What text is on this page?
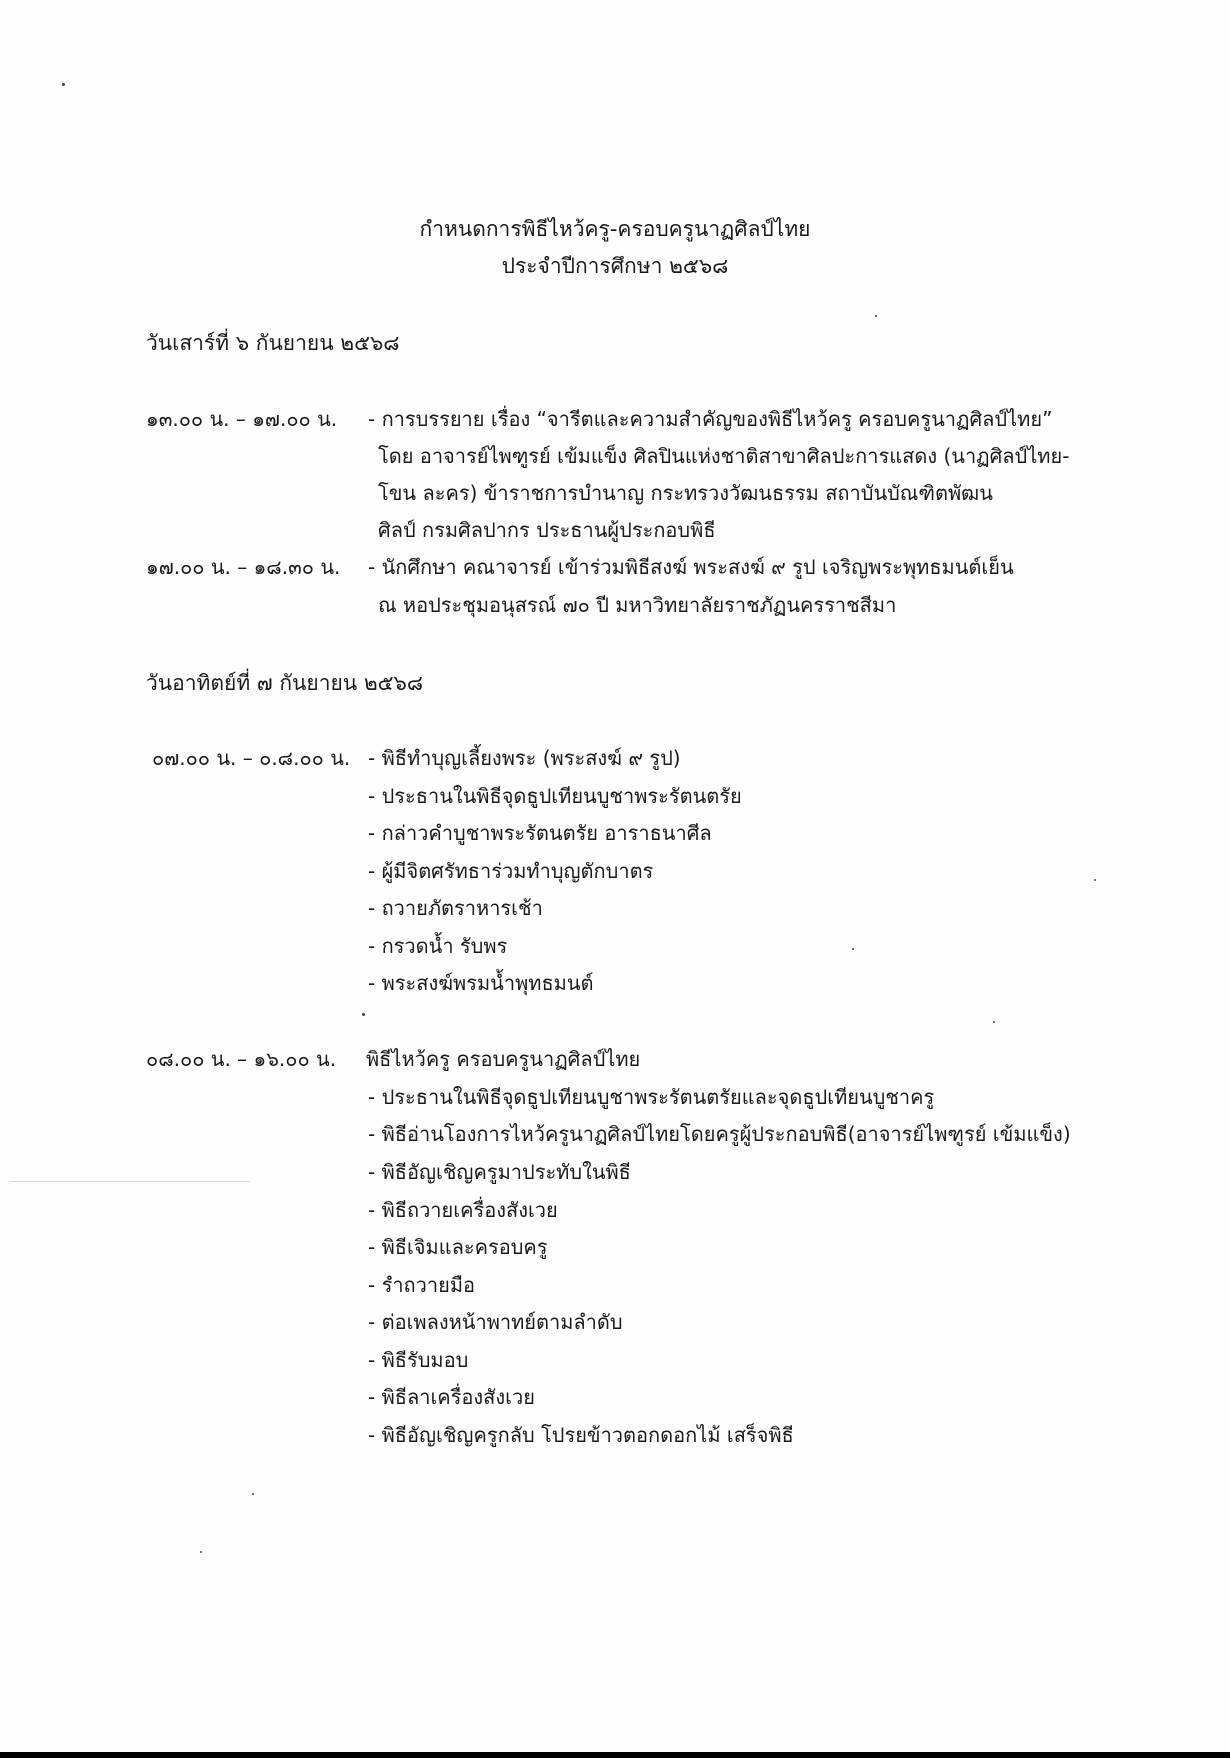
กำหนดการพิธีไหว้ครู-ครอบครูนาฏศิลป์ไทย
ประจำปีการศึกษา ๒๕๖๘
วันเสาร์ที่ ๖ กันยายน ๒๕๖๘
๑๓.๐๐ น. – ๑๗.๐๐ น. - การบรรยาย เรื่อง “จารีตและความสำคัญของพิธีไหว้ครู ครอบครูนาฏศิลป์ไทย”
โดย อาจารย์ไพฑูรย์ เข้มแข็ง ศิลปินแห่งชาติสาขาศิลปะการแสดง (นาฏศิลป์ไทย-
โขน ละคร) ข้าราชการบำนาญ กระทรวงวัฒนธรรม สถาบันบัณฑิตพัฒน
ศิลป์ กรมศิลปากร ประธานผู้ประกอบพิธี
๑๗.๐๐ น. – ๑๘.๓๐ น. - นักศึกษา คณาจารย์ เข้าร่วมพิธีสงฆ์ พระสงฆ์ ๙ รูป เจริญพระพุทธมนต์เย็น
ณ หอประชุมอนุสรณ์ ๗๐ ปี มหาวิทยาลัยราชภัฏนครราชสีมา
วันอาทิตย์ที่ ๗ กันยายน ๒๕๖๘
๐๗.๐๐ น. – ๐.๘.๐๐ น. - พิธีทำบุญเลี้ยงพระ (พระสงฆ์ ๙ รูป)
- ประธานในพิธีจุดธูปเทียนบูชาพระรัตนตรัย
- กล่าวคำบูชาพระรัตนตรัย อาราธนาศีล
- ผู้มีจิตศรัทธาร่วมทำบุญตักบาตร
- ถวายภัตราหารเช้า
- กรวดน้ำ รับพร
- พระสงฆ์พรมน้ำพุทธมนต์
๐๘.๐๐ น. – ๑๖.๐๐ น. พิธีไหว้ครู ครอบครูนาฏศิลป์ไทย
- ประธานในพิธีจุดธูปเทียนบูชาพระรัตนตรัยและจุดธูปเทียนบูชาครู
- พิธีอ่านโองการไหว้ครูนาฏศิลป์ไทยโดยครูผู้ประกอบพิธี(อาจารย์ไพฑูรย์ เข้มแข็ง)
- พิธีอัญเชิญครูมาประทับในพิธี
- พิธีถวายเครื่องสังเวย
- พิธีเจิมและครอบครู
- รำถวายมือ
- ต่อเพลงหน้าพาทย์ตามลำดับ
- พิธีรับมอบ
- พิธีลาเครื่องสังเวย
- พิธีอัญเชิญครูกลับ โปรยข้าวตอกดอกไม้ เสร็จพิธี
